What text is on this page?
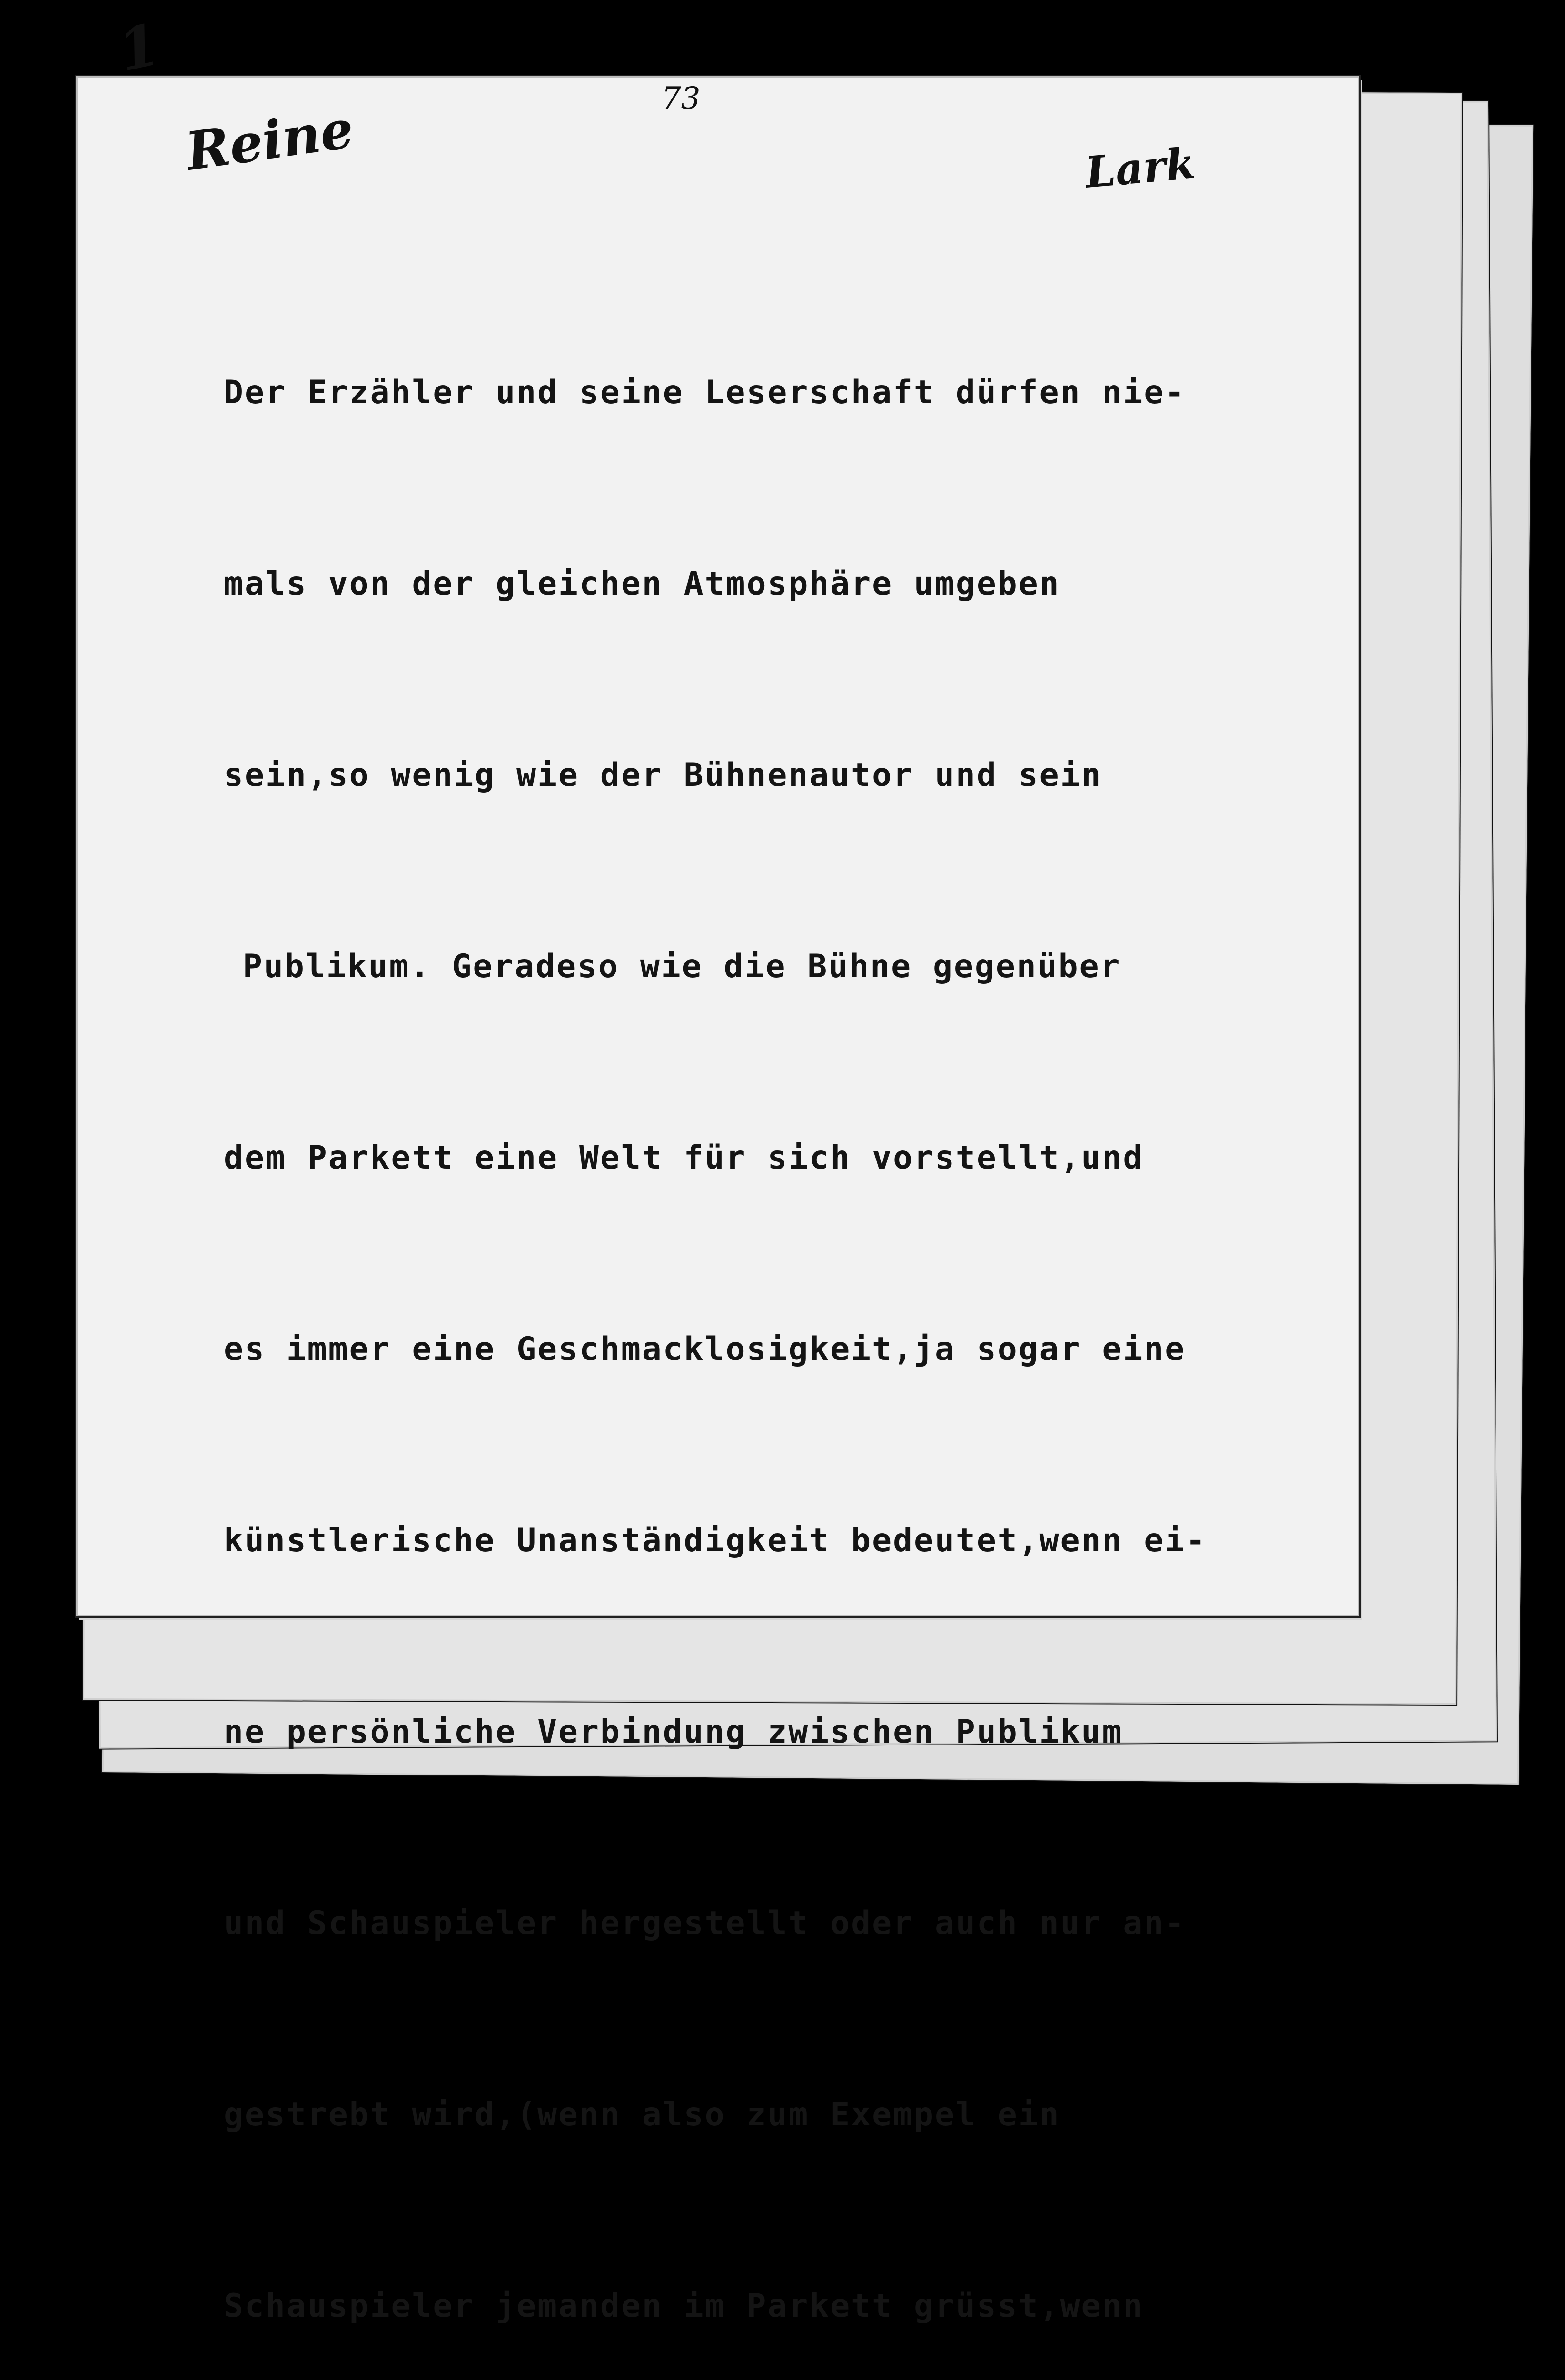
1
73
Reine	Lark

Der Erzähler und seine Leserschaft dürfen nie-

mals von der gleichen Atmosphäre umgeben

sein,so wenig wie der Bühnenautor und sein

Publikum. Geradeso wie die Bühne gegenüber

dem Parkett eine Welt für sich vorstellt,und

es immer eine Geschmacklosigkeit,ja sogar eine

künstlerische Unanständigkeit bedeutet,wenn ei-

ne persönliche Verbindung zwischen Publikum

und Schauspieler hergestellt oder auch nur an-

gestrebt wird,(wenn also zum Exempel ein

Schauspieler jemanden im Parkett grüsst,wenn
